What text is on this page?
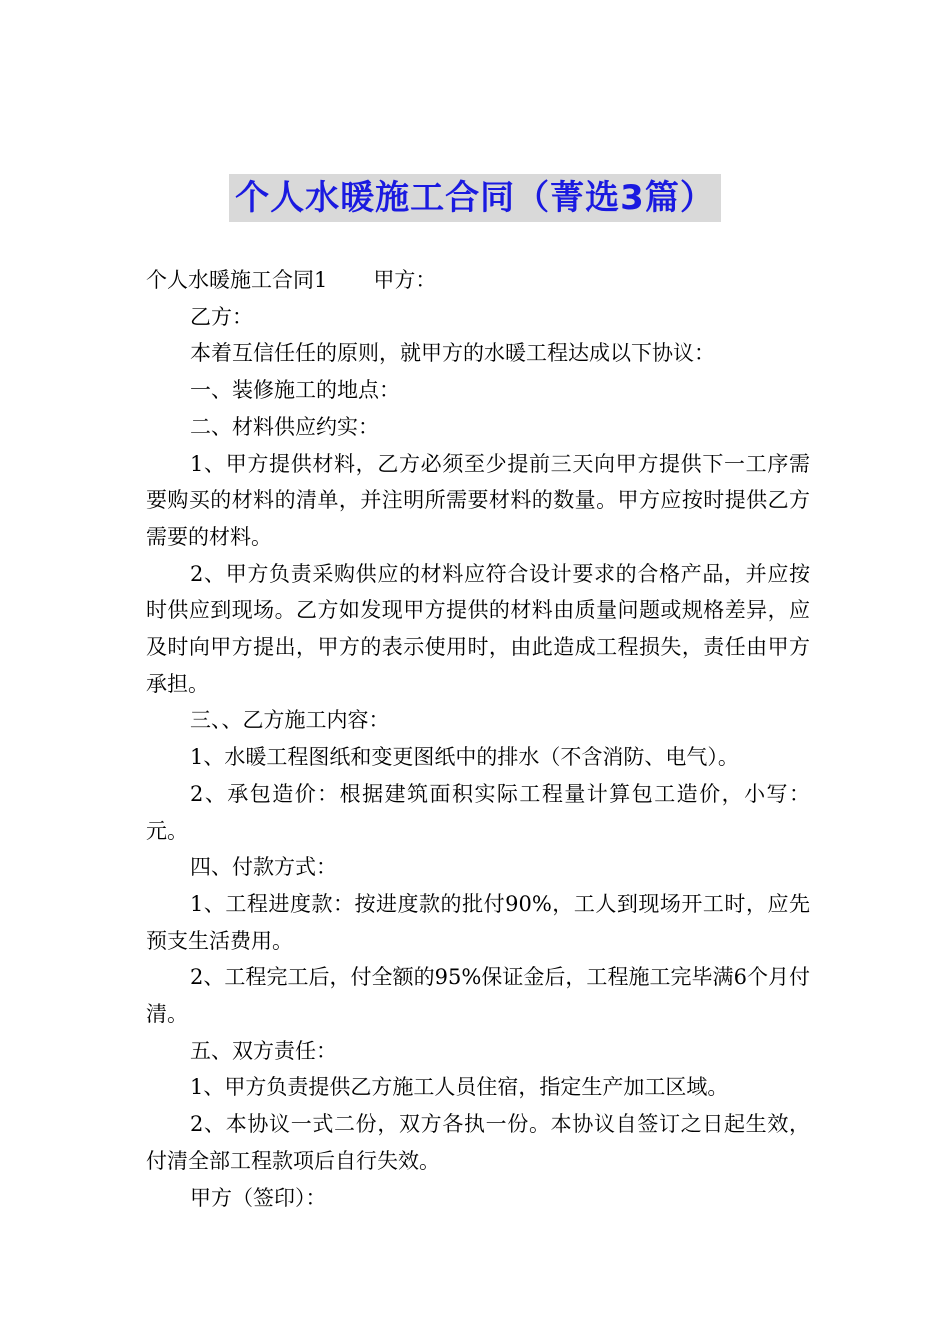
个人水暖施工合同（菁选3篇）

个人水暖施工合同1 甲方：

乙方：

本着互信任任的原则，就甲方的水暖工程达成以下协议：

一、装修施工的地点：

二、材料供应约实：

1、甲方提供材料，乙方必须至少提前三天向甲方提供下一工序需要购买的材料的清单，并注明所需要材料的数量。甲方应按时提供乙方需要的材料。

2、甲方负责采购供应的材料应符合设计要求的合格产品，并应按时供应到现场。乙方如发现甲方提供的材料由质量问题或规格差异，应及时向甲方提出，甲方的表示使用时，由此造成工程损失，责任由甲方承担。

三、、乙方施工内容：

1、水暖工程图纸和变更图纸中的排水（不含消防、电气）。

2、承包造价：根据建筑面积实际工程量计算包工造价，小写：元。

四、付款方式：

1、工程进度款：按进度款的批付90%，工人到现场开工时，应先预支生活费用。

2、工程完工后，付全额的95%保证金后，工程施工完毕满6个月付清。

五、双方责任：

1、甲方负责提供乙方施工人员住宿，指定生产加工区域。

2、本协议一式二份，双方各执一份。本协议自签订之日起生效，付清全部工程款项后自行失效。

甲方（签印）：
